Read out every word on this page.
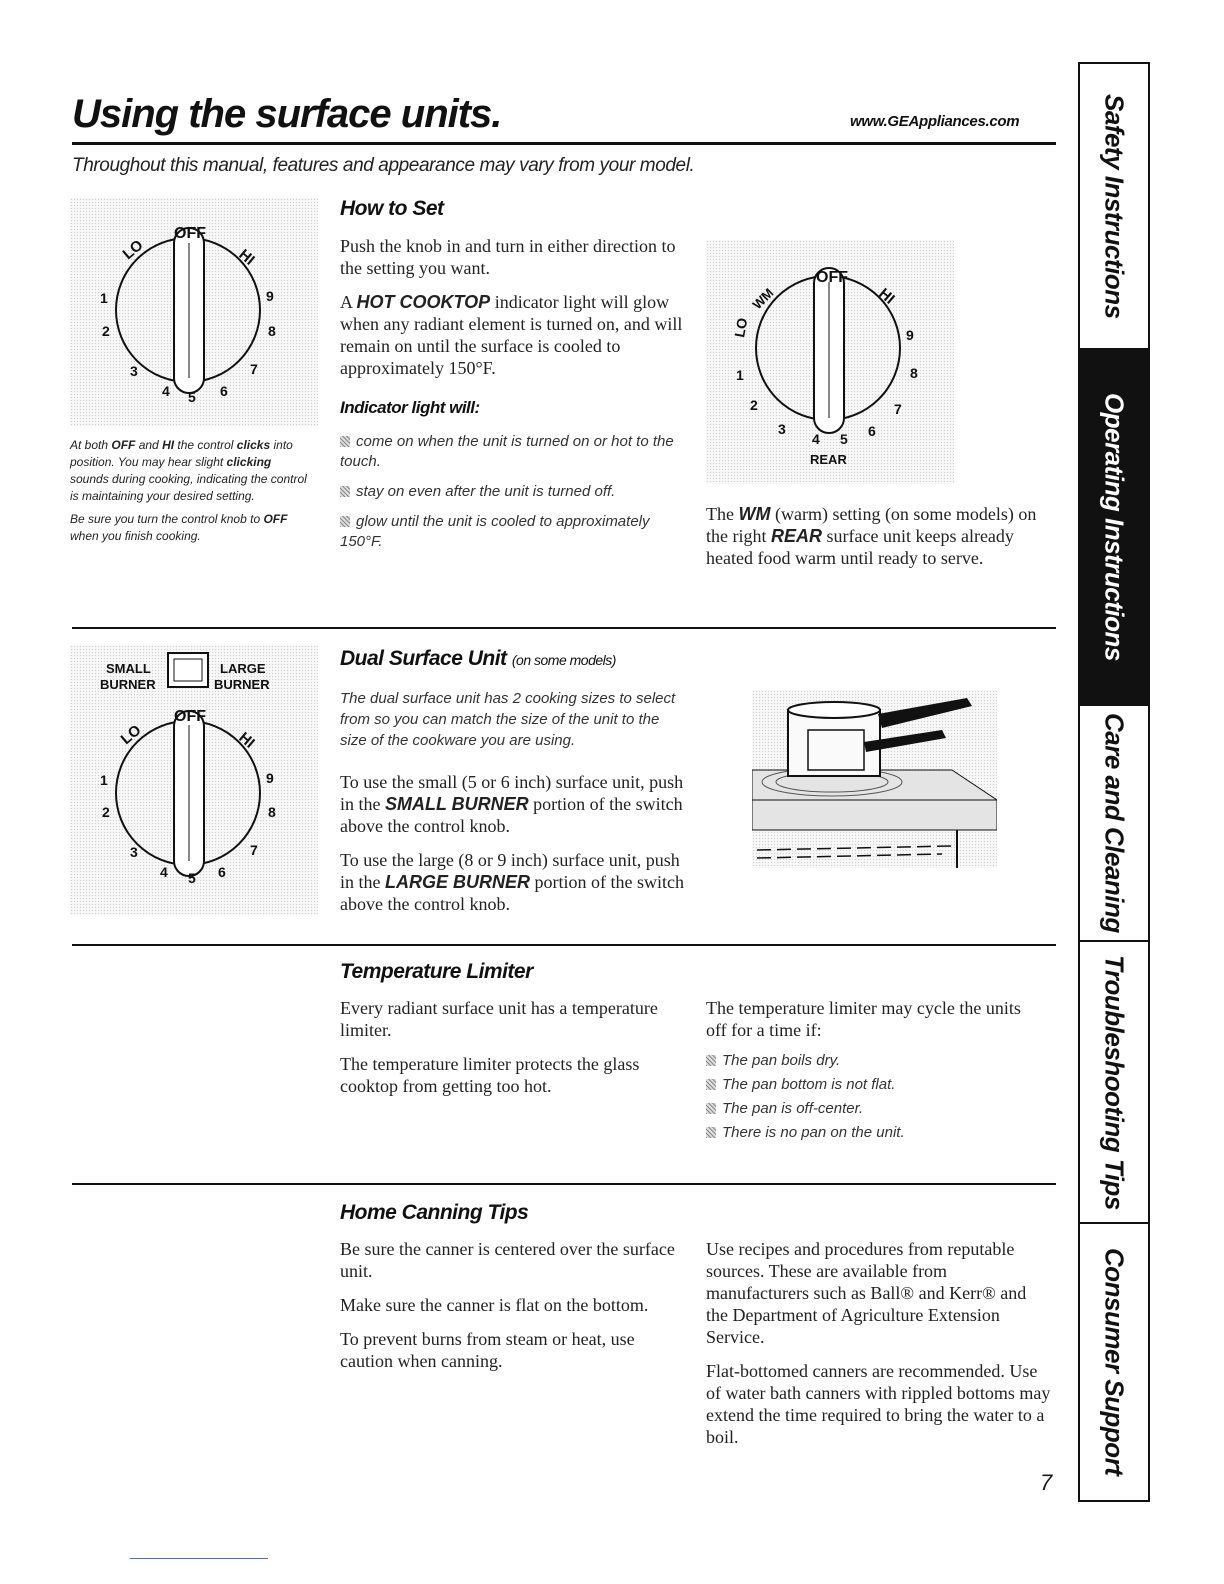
Using the surface units.	www.GEAppliances.com
Throughout this manual, features and appearance may vary from your model.
OFF
LO	HI
1
2
3
4 5 6
7
8
9
At both OFF and HI the control clicks into position. You may hear slight clicking sounds during cooking, indicating the control is maintaining your desired setting.
Be sure you turn the control knob to OFF when you finish cooking.
How to Set

Push the knob in and turn in either direction to the setting you want.

A HOT COOKTOP indicator light will glow when any radiant element is turned on, and will remain on until the surface is cooled to approximately 150°F.

Indicator light will:
come on when the unit is turned on or hot to the touch.
stay on even after the unit is turned off.
glow until the unit is cooled to approximately 150°F.
OFF
WM	HI
LO
1
2
3
4 5 6
7
8
9
REAR
The WM (warm) setting (on some models) on the right REAR surface unit keeps already heated food warm until ready to serve.
SMALL
BURNER
LARGE
BURNER
OFF
LO	HI
1
2
3
4 5 6
7
8
9
Dual Surface Unit (on some models)
The dual surface unit has 2 cooking sizes to select from so you can match the size of the unit to the size of the cookware you are using.

To use the small (5 or 6 inch) surface unit, push in the SMALL BURNER portion of the switch above the control knob.

To use the large (8 or 9 inch) surface unit, push in the LARGE BURNER portion of the switch above the control knob.

Temperature Limiter

Every radiant surface unit has a temperature limiter.

The temperature limiter protects the glass cooktop from getting too hot.

The temperature limiter may cycle the units off for a time if:
The pan boils dry.
The pan bottom is not flat.
The pan is off-center.
There is no pan on the unit.
Home Canning Tips

Be sure the canner is centered over the surface unit.

Make sure the canner is flat on the bottom.

To prevent burns from steam or heat, use caution when canning.

Use recipes and procedures from reputable sources. These are available from manufacturers such as Ball® and Kerr® and the Department of Agriculture Extension Service.

Flat-bottomed canners are recommended. Use of water bath canners with rippled bottoms may extend the time required to bring the water to a boil.

7
Safety Instructions
Operating Instructions
Care and Cleaning
Troubleshooting Tips
Consumer Support
